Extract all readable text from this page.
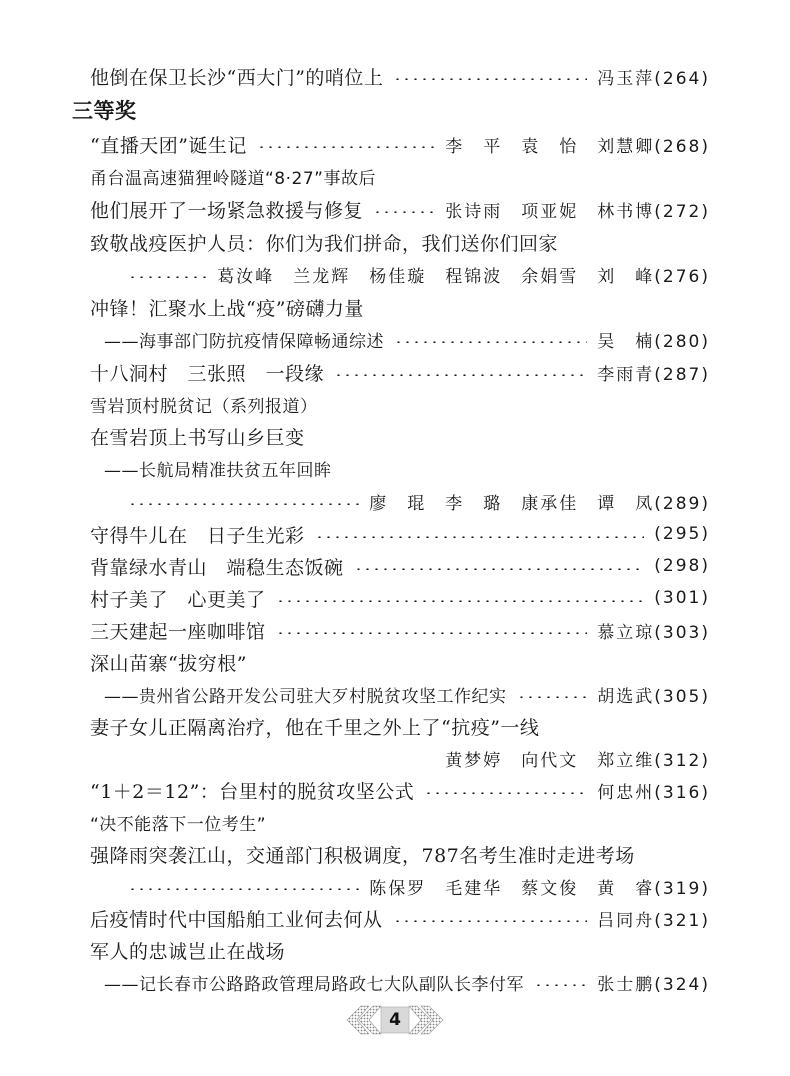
他倒在保卫长沙“西大门”的哨位上	冯玉萍(264)
三等奖
“直播天团”诞生记	李　平　袁　怡　刘慧卿(268)
甬台温高速猫狸岭隧道“8·27”事故后
他们展开了一场紧急救援与修复	张诗雨　项亚妮　林书博(272)
致敬战疫医护人员：你们为我们拼命，我们送你们回家
葛汝峰　兰龙辉　杨佳璇　程锦波　余娟雪　刘　峰(276)
冲锋！汇聚水上战“疫”磅礴力量
——海事部门防抗疫情保障畅通综述	吴　楠(280)
十八洞村　三张照　一段缘	李雨青(287)
雪岩顶村脱贫记（系列报道）
在雪岩顶上书写山乡巨变
——长航局精准扶贫五年回眸
廖　琨　李　璐　康承佳　谭　凤(289)
守得牛儿在　日子生光彩	(295)
背靠绿水青山　端稳生态饭碗	(298)
村子美了　心更美了	(301)
三天建起一座咖啡馆	慕立琼(303)
深山苗寨“拔穷根”
——贵州省公路开发公司驻大歹村脱贫攻坚工作纪实	胡选武(305)
妻子女儿正隔离治疗，他在千里之外上了“抗疫”一线
黄梦婷　向代文　郑立维(312)
“1＋2＝12”：台里村的脱贫攻坚公式	何忠州(316)
“决不能落下一位考生”
强降雨突袭江山，交通部门积极调度，787名考生准时走进考场
陈保罗　毛建华　蔡文俊　黄　睿(319)
后疫情时代中国船舶工业何去何从	吕同舟(321)
军人的忠诚岂止在战场
——记长春市公路路政管理局路政七大队副队长李付军	张士鹏(324)
4
